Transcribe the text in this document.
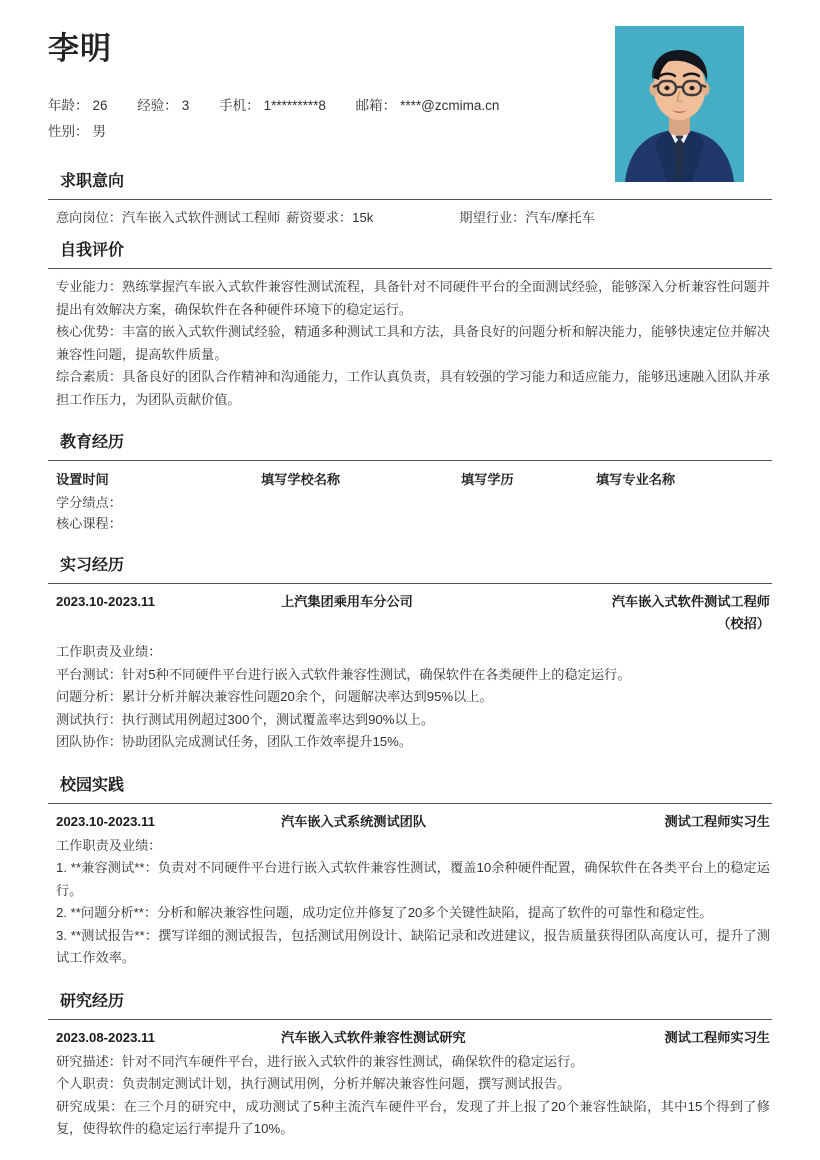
李明
年龄： 26 经验： 3 手机： 1*********8 邮箱： ****@zcmima.cn
性别： 男
求职意向
意向岗位：汽车嵌入式软件测试工程师 薪资要求：15k	期望行业：汽车/摩托车
自我评价

专业能力：熟练掌握汽车嵌入式软件兼容性测试流程，具备针对不同硬件平台的全面测试经验，能够深入分析兼容性问题并提出有效解决方案，确保软件在各种硬件环境下的稳定运行。

核心优势：丰富的嵌入式软件测试经验，精通多种测试工具和方法，具备良好的问题分析和解决能力，能够快速定位并解决兼容性问题，提高软件质量。

综合素质：具备良好的团队合作精神和沟通能力，工作认真负责，具有较强的学习能力和适应能力，能够迅速融入团队并承担工作压力，为团队贡献价值。

教育经历
设置时间	填写学校名称	填写学历	填写专业名称
学分绩点：
核心课程：
实习经历
2023.10-2023.11	上汽集团乘用车分公司	汽车嵌入式软件测试工程师
（校招）

工作职责及业绩：

平台测试：针对5种不同硬件平台进行嵌入式软件兼容性测试，确保软件在各类硬件上的稳定运行。

问题分析：累计分析并解决兼容性问题20余个，问题解决率达到95%以上。

测试执行：执行测试用例超过300个，测试覆盖率达到90%以上。

团队协作：协助团队完成测试任务，团队工作效率提升15%。

校园实践
2023.10-2023.11	汽车嵌入式系统测试团队	测试工程师实习生

工作职责及业绩：

1. **兼容测试**：负责对不同硬件平台进行嵌入式软件兼容性测试，覆盖10余种硬件配置，确保软件在各类平台上的稳定运行。

2. **问题分析**：分析和解决兼容性问题，成功定位并修复了20多个关键性缺陷，提高了软件的可靠性和稳定性。

3. **测试报告**：撰写详细的测试报告，包括测试用例设计、缺陷记录和改进建议，报告质量获得团队高度认可，提升了测试工作效率。

研究经历
2023.08-2023.11	汽车嵌入式软件兼容性测试研究	测试工程师实习生

研究描述：针对不同汽车硬件平台，进行嵌入式软件的兼容性测试，确保软件的稳定运行。

个人职责：负责制定测试计划，执行测试用例，分析并解决兼容性问题，撰写测试报告。

研究成果：在三个月的研究中，成功测试了5种主流汽车硬件平台，发现了并上报了20个兼容性缺陷，其中15个得到了修复，使得软件的稳定运行率提升了10%。
